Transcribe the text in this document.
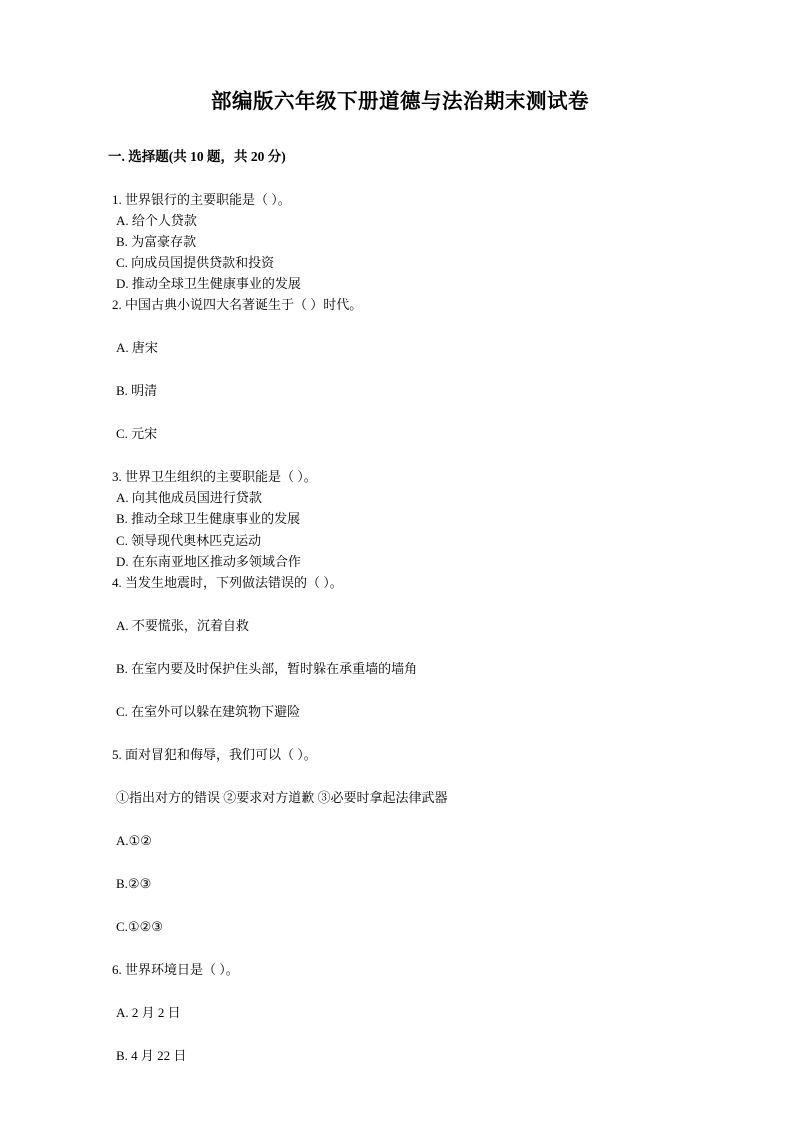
部编版六年级下册道德与法治期末测试卷

一. 选择题(共 10 题，共 20 分)

1. 世界银行的主要职能是（ ）。

A. 给个人贷款

B. 为富豪存款

C. 向成员国提供贷款和投资

D. 推动全球卫生健康事业的发展

2. 中国古典小说四大名著诞生于（ ）时代。

A. 唐宋

B. 明清

C. 元宋

3. 世界卫生组织的主要职能是（ ）。

A. 向其他成员国进行贷款

B. 推动全球卫生健康事业的发展

C. 领导现代奥林匹克运动

D. 在东南亚地区推动多领域合作

4. 当发生地震时，下列做法错误的（ ）。

A. 不要慌张，沉着自救

B. 在室内要及时保护住头部，暂时躲在承重墙的墙角

C. 在室外可以躲在建筑物下避险

5. 面对冒犯和侮辱，我们可以（ ）。

①指出对方的错误 ②要求对方道歉 ③必要时拿起法律武器

A.①②

B.②③

C.①②③

6. 世界环境日是（ ）。

A. 2 月 2 日

B. 4 月 22 日
